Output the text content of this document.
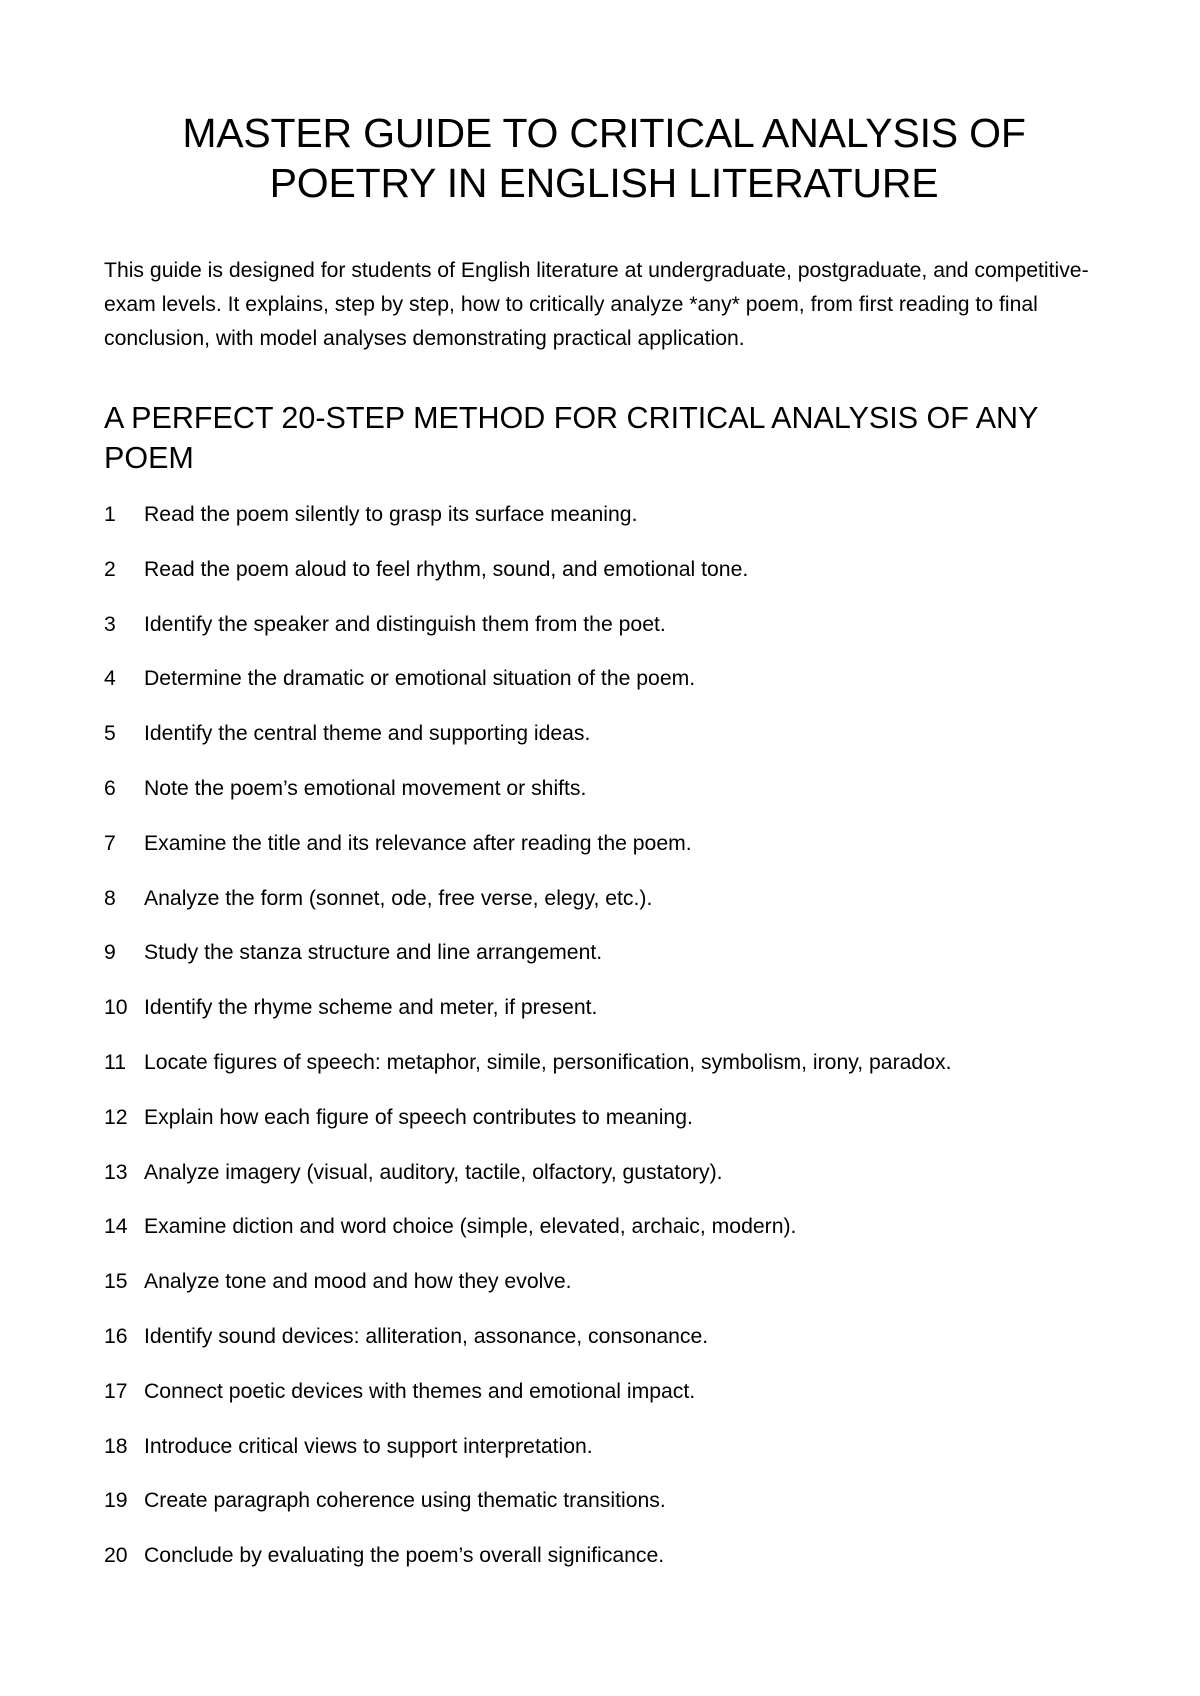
MASTER GUIDE TO CRITICAL ANALYSIS OF POETRY IN ENGLISH LITERATURE

This guide is designed for students of English literature at undergraduate, postgraduate, and competitive-exam levels. It explains, step by step, how to critically analyze *any* poem, from first reading to final conclusion, with model analyses demonstrating practical application.

A PERFECT 20-STEP METHOD FOR CRITICAL ANALYSIS OF ANY POEM
1	Read the poem silently to grasp its surface meaning.
2	Read the poem aloud to feel rhythm, sound, and emotional tone.
3	Identify the speaker and distinguish them from the poet.
4	Determine the dramatic or emotional situation of the poem.
5	Identify the central theme and supporting ideas.
6	Note the poem’s emotional movement or shifts.
7	Examine the title and its relevance after reading the poem.
8	Analyze the form (sonnet, ode, free verse, elegy, etc.).
9	Study the stanza structure and line arrangement.
10 Identify the rhyme scheme and meter, if present.
11 Locate figures of speech: metaphor, simile, personification, symbolism, irony, paradox.
12 Explain how each figure of speech contributes to meaning.
13 Analyze imagery (visual, auditory, tactile, olfactory, gustatory).
14 Examine diction and word choice (simple, elevated, archaic, modern).
15 Analyze tone and mood and how they evolve.
16 Identify sound devices: alliteration, assonance, consonance.
17 Connect poetic devices with themes and emotional impact.
18 Introduce critical views to support interpretation.
19 Create paragraph coherence using thematic transitions.
20 Conclude by evaluating the poem’s overall significance.
